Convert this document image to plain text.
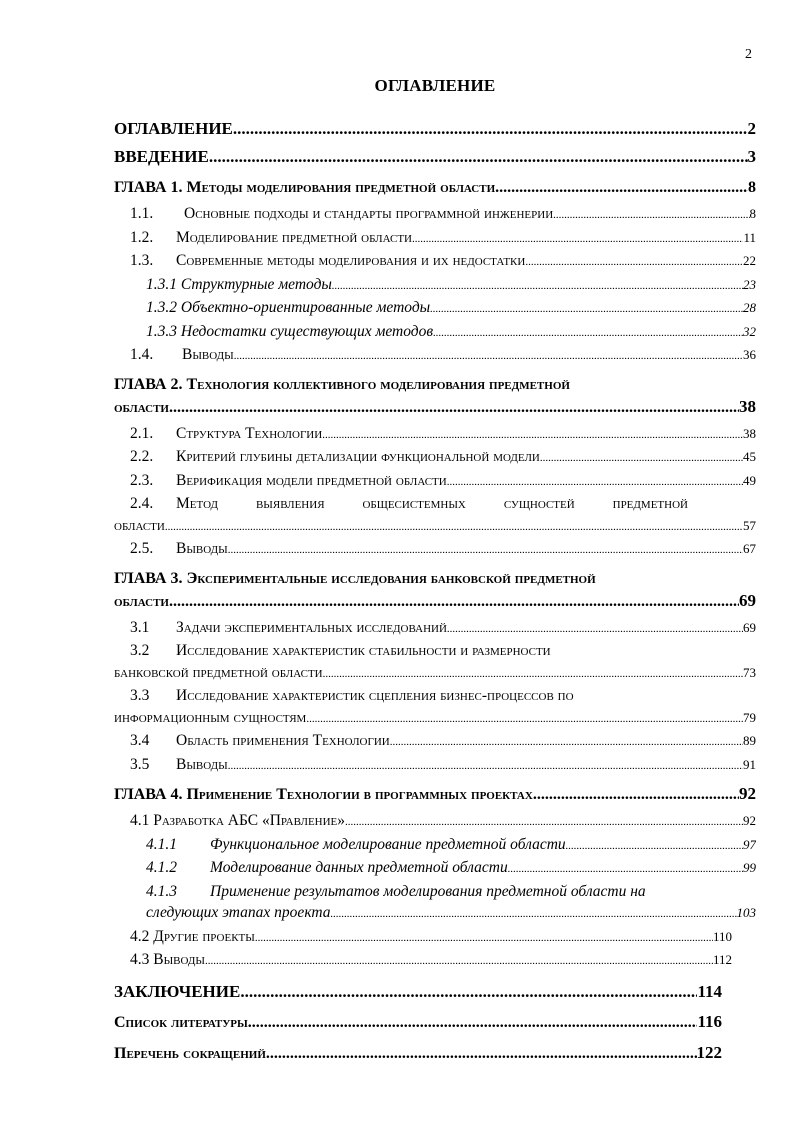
2
ОГЛАВЛЕНИЕ
ОГЛАВЛЕНИЕ .....	2
ВВЕДЕНИЕ .....	3
ГЛАВА 1. Методы моделирования предметной области .....	8
1.1.	Основные подходы и стандарты программной инженерии .....	8
1.2.	Моделирование предметной области .....	11
1.3.	Современные методы моделирования и их недостатки .....	22
1.3.1 Структурные методы .....	23
1.3.2 Объектно-ориентированные методы .....	28
1.3.3 Недостатки существующих методов .....	32
1.4.	Выводы .....	36
ГЛАВА 2. Технология коллективного моделирования предметной
области .....	38
2.1.	Структура Технологии .....	38
2.2.	Критерий глубины детализации функциональной модели .....	45
2.3.	Верификация модели предметной области .....	49
2.4.	Метод выявления общесистемных сущностей предметной
области .....	57
2.5.	Выводы .....	67
ГЛАВА 3. Экспериментальные исследования банковской предметной
области .....	69
3.1	Задачи экспериментальных исследований .....	69
3.2 Исследование характеристик стабильности и размерности
банковской предметной области .....	73
3.3 Исследование характеристик сцепления бизнес-процессов по
информационным сущностям .....	79
3.4	Область применения Технологии .....	89
3.5	Выводы .....	91
ГЛАВА 4. Применение Технологии в программных проектах .....	92
4.1 Разработка АБС «Правление» .....	92
4.1.1	Функциональное моделирование предметной области .....	97
4.1.2	Моделирование данных предметной области .....	99
4.1.3 Применение результатов моделирования предметной области на
следующих этапах проекта .....	103
4.2 Другие проекты .....	110
4.3 Выводы .....	112
ЗАКЛЮЧЕНИЕ .....	114
Список литературы .....	116
Перечень сокращений .....	122
